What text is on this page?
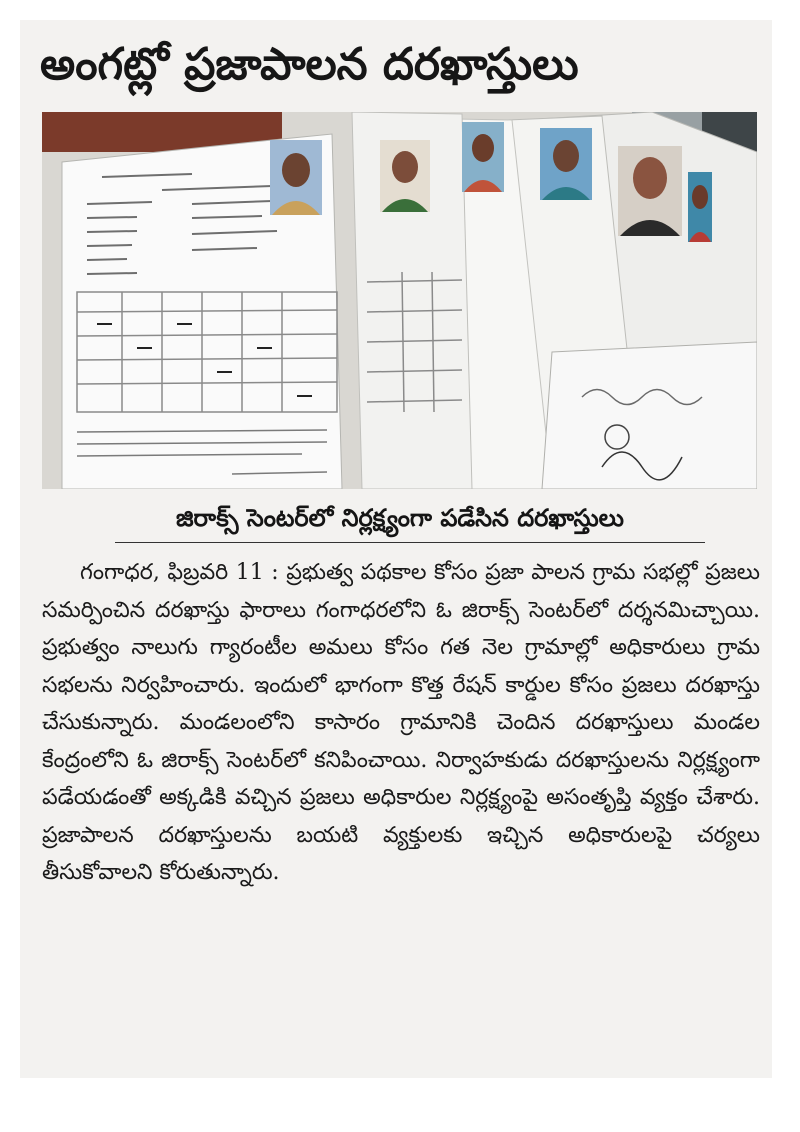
అంగట్లో ప్రజాపాలన దరఖాస్తులు
జిరాక్స్ సెంటర్‌లో నిర్లక్ష్యంగా పడేసిన దరఖాస్తులు

గంగాధర, ఫిబ్రవరి 11 : ప్రభుత్వ పథకాల కోసం ప్రజా పాలన గ్రామ సభల్లో ప్రజలు సమర్పించిన దరఖాస్తు ఫారాలు గంగాధరలోని ఓ జిరాక్స్ సెంటర్‌లో దర్శనమిచ్చాయి. ప్రభుత్వం నాలుగు గ్యారంటీల అమలు కోసం గత నెల గ్రామాల్లో అధికారులు గ్రామ సభలను నిర్వహించారు. ఇందులో భాగంగా కొత్త రేషన్ కార్డుల కోసం ప్రజలు దరఖాస్తు చేసుకున్నారు. మండలంలోని కాసారం గ్రామానికి చెందిన దరఖాస్తులు మండల కేంద్రంలోని ఓ జిరాక్స్ సెంటర్‌లో కనిపించాయి. నిర్వాహకుడు దరఖాస్తులను నిర్లక్ష్యంగా పడేయడంతో అక్కడికి వచ్చిన ప్రజలు అధికారుల నిర్లక్ష్యంపై అసంతృప్తి వ్యక్తం చేశారు. ప్రజాపాలన దరఖాస్తులను బయటి వ్యక్తులకు ఇచ్చిన అధికారులపై చర్యలు తీసుకోవాలని కోరుతున్నారు.
